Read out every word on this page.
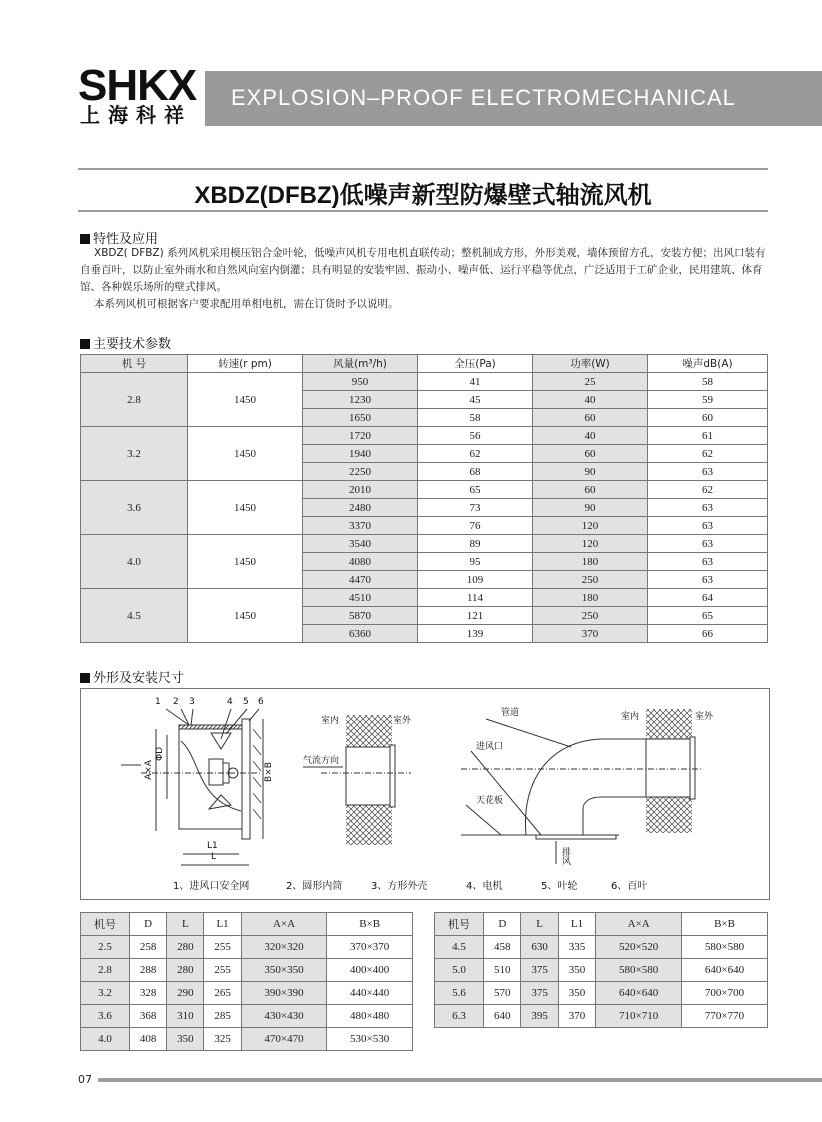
SHKX
上海科祥
EXPLOSION–PROOF ELECTROMECHANICAL
XBDZ(DFBZ)低噪声新型防爆壁式轴流风机
特性及应用

XBDZ( DFBZ) 系列风机采用模压铝合金叶轮，低噪声风机专用电机直联传动；整机制成方形，外形美观，墙体预留方孔，安装方便；出风口装有自垂百叶，以防止室外雨水和自然风向室内倒灌；具有明显的安装牢固、振动小、噪声低、运行平稳等优点，广泛适用于工矿企业，民用建筑、体育馆、各种娱乐场所的壁式排风。

本系列风机可根据客户要求配用单相电机，需在订货时予以说明。

主要技术参数
机 号	转速(r pm)	风量(m³/h)	全压(Pa)	功率(W)	噪声dB(A)
2.8	1450	950	41	25	58
		1230	45	40	59
		1650	58	60	60
3.2	1450	1720	56	40	61
		1940	62	60	62
		2250	68	90	63
3.6	1450	2010	65	60	62
		2480	73	90	63
		3370	76	120	63
4.0	1450	3540	89	120	63
		4080	95	180	63
		4470	109	250	63
4.5	1450	4510	114	180	64
		5870	121	250	65
		6360	139	370	66
外形及安装尺寸
1 2 3	4 5 6
A×A
ΦD
B×B
L1
L
室内	室外
气流方向
管道
进风口
天花板
排风
室内	室外
1、进风口安全网	2、圆形内筒	3、方形外壳	4、电机	5、叶轮	6、百叶
机号	D	L	L1	A×A	B×B
2.5	258	280	255	320×320	370×370
2.8	288	280	255	350×350	400×400
3.2	328	290	265	390×390	440×440
3.6	368	310	285	430×430	480×480
4.0	408	350	325	470×470	530×530
机号	D	L	L1	A×A	B×B
4.5	458	630	335	520×520	580×580
5.0	510	375	350	580×580	640×640
5.6	570	375	350	640×640	700×700
6.3	640	395	370	710×710	770×770
07
